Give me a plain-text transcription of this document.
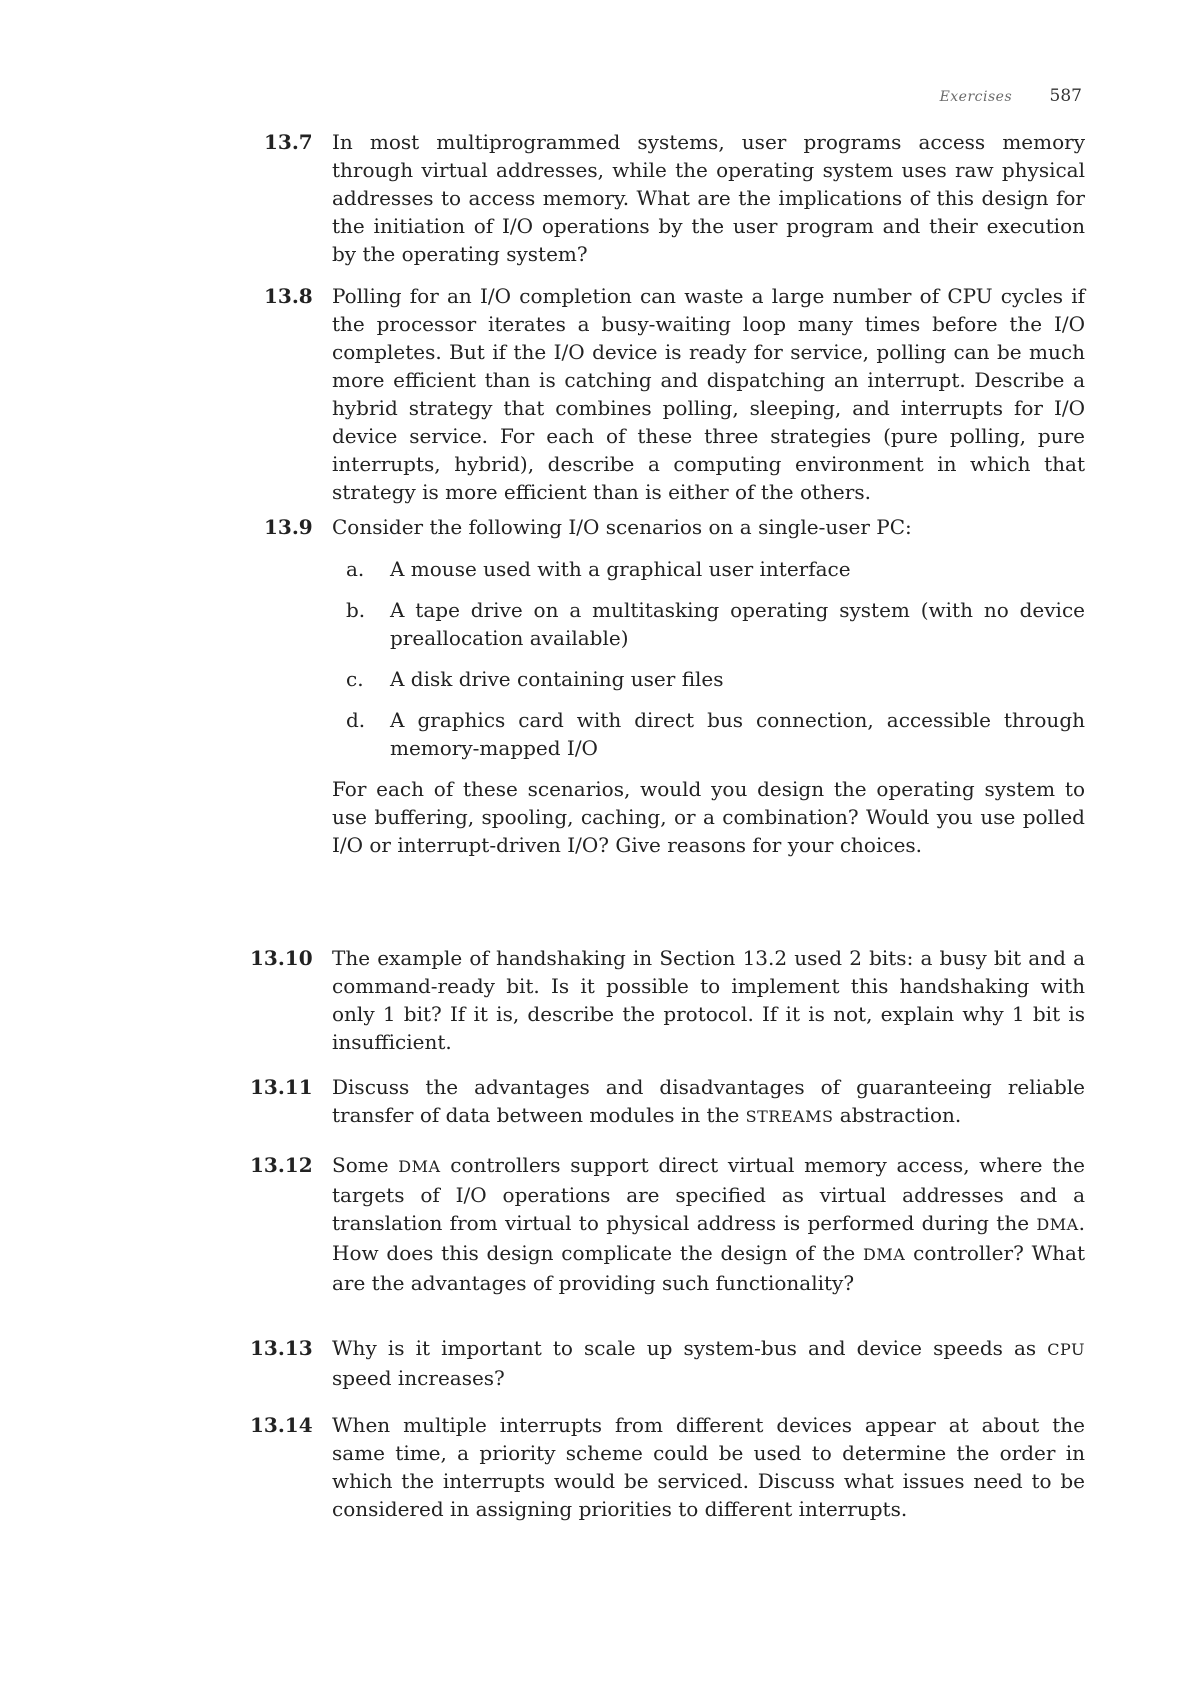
Exercises 587
13.7 In most multiprogrammed systems, user programs access memory through virtual addresses, while the operating system uses raw physical addresses to access memory. What are the implications of this design for the initiation of I/O operations by the user program and their execution by the operating system?

13.8 Polling for an I/O completion can waste a large number of CPU cycles if the processor iterates a busy-waiting loop many times before the I/O completes. But if the I/O device is ready for service, polling can be much more efficient than is catching and dispatching an interrupt. Describe a hybrid strategy that combines polling, sleeping, and interrupts for I/O device service. For each of these three strategies (pure polling, pure interrupts, hybrid), describe a computing environment in which that strategy is more efficient than is either of the others.

13.9 Consider the following I/O scenarios on a single-user PC:

a. A mouse used with a graphical user interface
b. A tape drive on a multitasking operating system (with no device preallocation available)
c. A disk drive containing user files
d. A graphics card with direct bus connection, accessible through memory-mapped I/O

For each of these scenarios, would you design the operating system to use buffering, spooling, caching, or a combination? Would you use polled I/O or interrupt-driven I/O? Give reasons for your choices.

13.10 The example of handshaking in Section 13.2 used 2 bits: a busy bit and a command-ready bit. Is it possible to implement this handshaking with only 1 bit? If it is, describe the protocol. If it is not, explain why 1 bit is insufficient.

13.11 Discuss the advantages and disadvantages of guaranteeing reliable transfer of data between modules in the STREAMS abstraction.

13.12 Some DMA controllers support direct virtual memory access, where the targets of I/O operations are specified as virtual addresses and a translation from virtual to physical address is performed during the DMA. How does this design complicate the design of the DMA controller? What are the advantages of providing such functionality?

13.13 Why is it important to scale up system-bus and device speeds as CPU speed increases?

13.14 When multiple interrupts from different devices appear at about the same time, a priority scheme could be used to determine the order in which the interrupts would be serviced. Discuss what issues need to be considered in assigning priorities to different interrupts.
